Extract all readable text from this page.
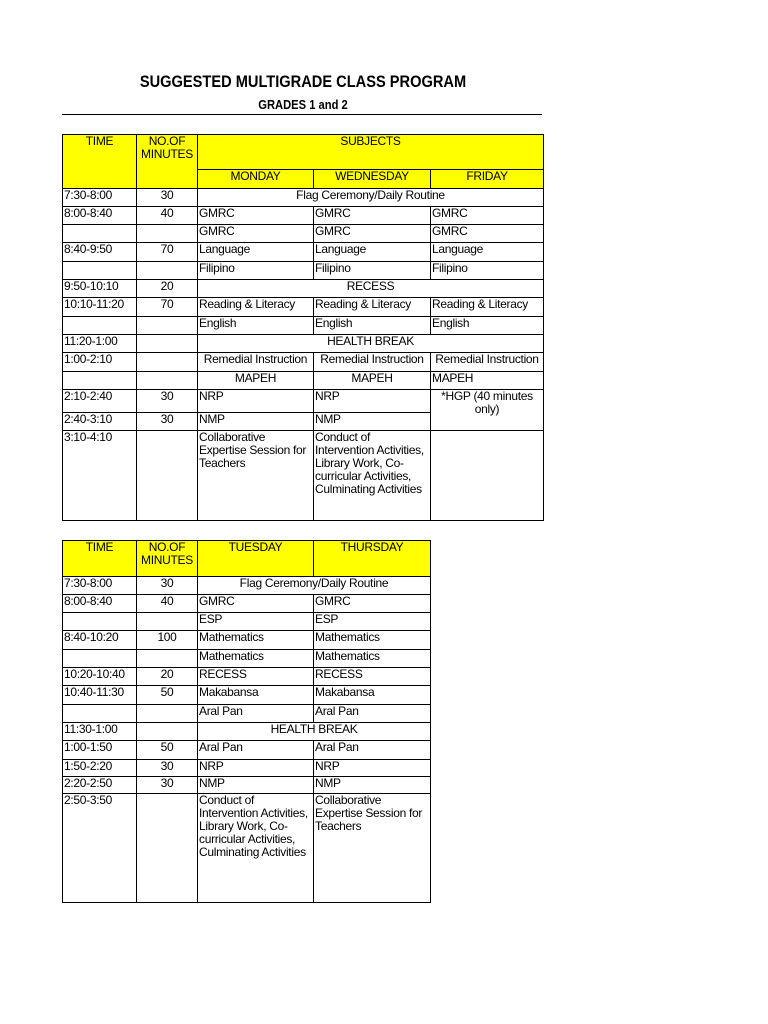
SUGGESTED MULTIGRADE CLASS PROGRAM
GRADES 1 and 2
TIME	NO.OF MINUTES	SUBJECTS		
		MONDAY	WEDNESDAY	FRIDAY
7:30-8:00	30	Flag Ceremony/Daily Routine		
8:00-8:40	40	GMRC	GMRC	GMRC
		GMRC	GMRC	GMRC
8:40-9:50	70	Language	Language	Language
		Filipino	Filipino	Filipino
9:50-10:10	20	RECESS		
10:10-11:20	70	Reading & Literacy	Reading & Literacy	Reading & Literacy
		English	English	English
11:20-1:00		HEALTH BREAK		
1:00-2:10		Remedial Instruction	Remedial Instruction	Remedial Instruction
		MAPEH	MAPEH	MAPEH
2:10-2:40	30	NRP	NRP	*HGP (40 minutes only)
2:40-3:10	30	NMP	NMP	
3:10-4:10		Collaborative Expertise Session for Teachers	Conduct of Intervention Activities, Library Work, Co-curricular Activities, Culminating Activities	
TIME	NO.OF MINUTES	TUESDAY	THURSDAY
7:30-8:00	30	Flag Ceremony/Daily Routine	
8:00-8:40	40	GMRC	GMRC
		ESP	ESP
8:40-10:20	100	Mathematics	Mathematics
		Mathematics	Mathematics
10:20-10:40	20	RECESS	RECESS
10:40-11:30	50	Makabansa	Makabansa
		Aral Pan	Aral Pan
11:30-1:00		HEALTH BREAK	
1:00-1:50	50	Aral Pan	Aral Pan
1:50-2:20	30	NRP	NRP
2:20-2:50	30	NMP	NMP
2:50-3:50		Conduct of Intervention Activities, Library Work, Co-curricular Activities, Culminating Activities	Collaborative Expertise Session for Teachers
